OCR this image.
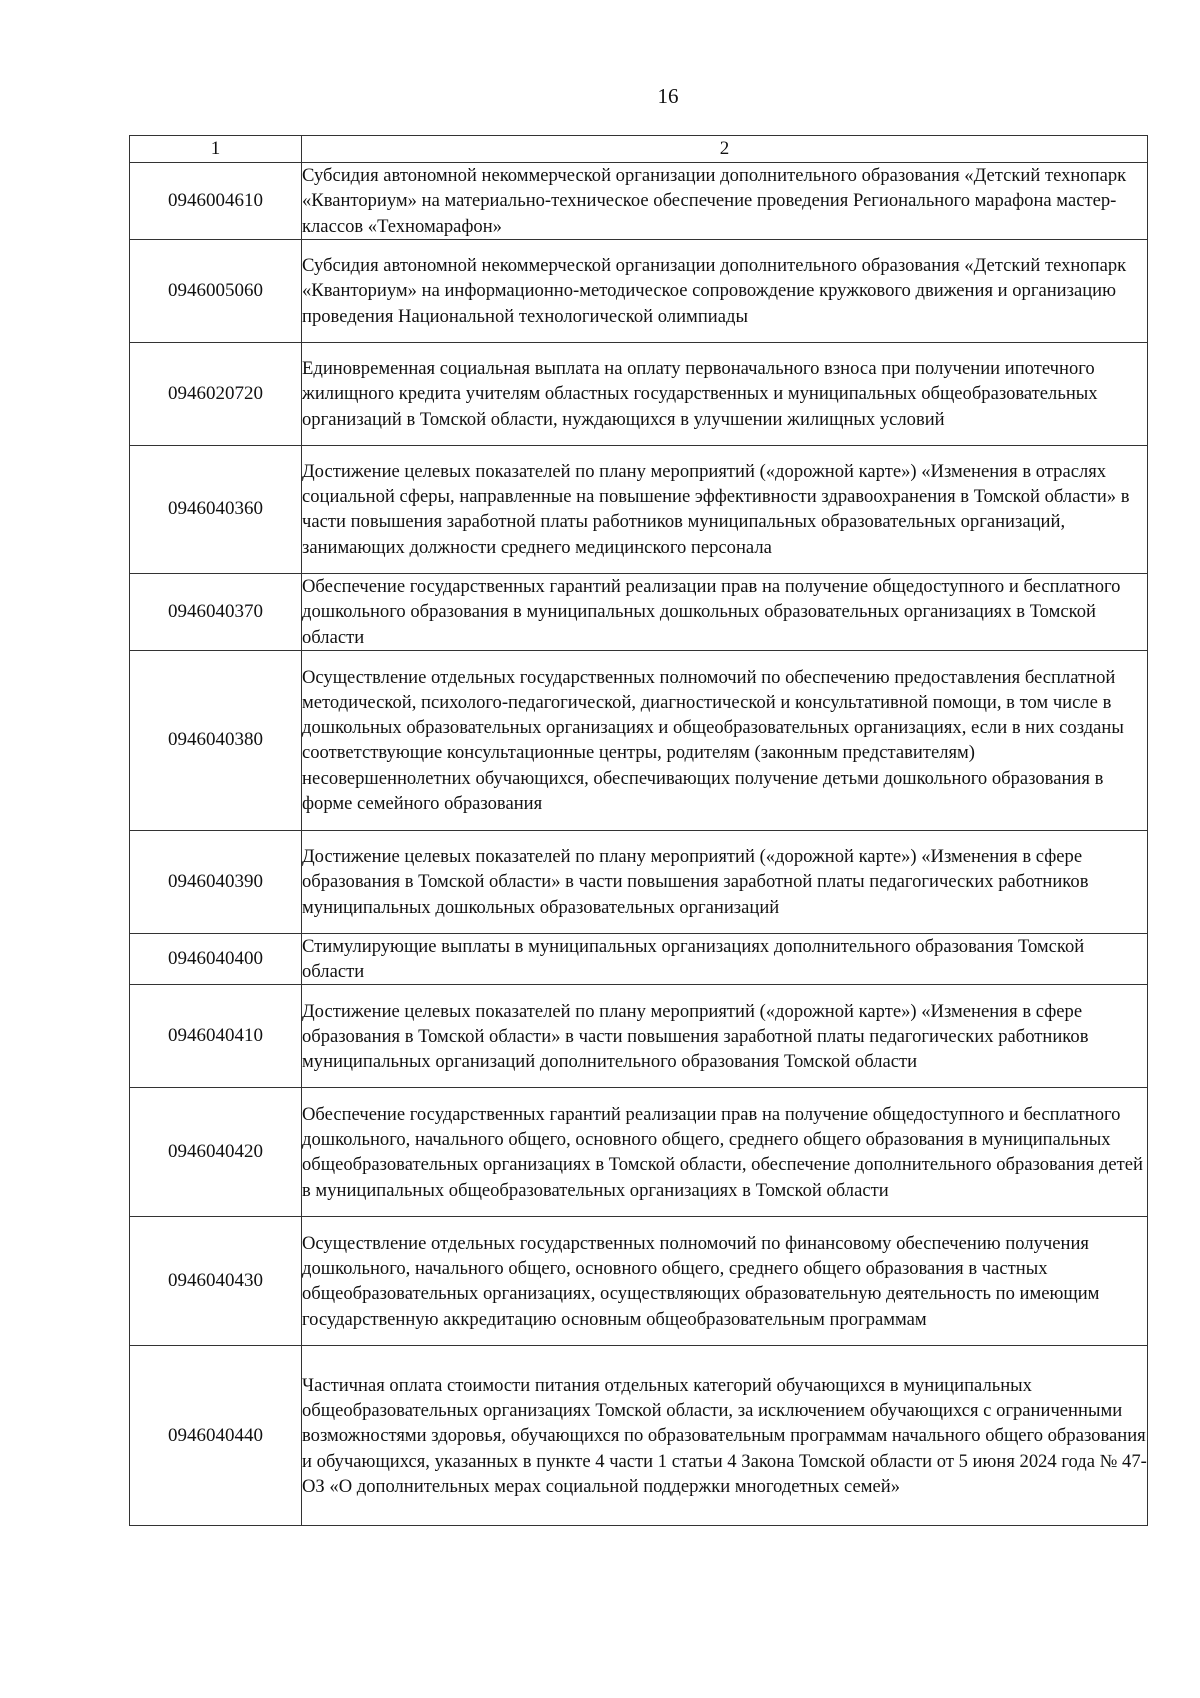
16
1	2
0946004610	Субсидия автономной некоммерческой организации дополнительного образования «Детский технопарк «Кванториум» на материально-техническое обеспечение проведения Регионального марафона мастер-классов «Техномарафон»
0946005060	Субсидия автономной некоммерческой организации дополнительного образования «Детский технопарк «Кванториум» на информационно-методическое сопровождение кружкового движения и организацию проведения Национальной технологической олимпиады
0946020720	Единовременная социальная выплата на оплату первоначального взноса при получении ипотечного жилищного кредита учителям областных государственных и муниципальных общеобразовательных организаций в Томской области, нуждающихся в улучшении жилищных условий
0946040360	Достижение целевых показателей по плану мероприятий («дорожной карте») «Изменения в отраслях социальной сферы, направленные на повышение эффективности здравоохранения в Томской области» в части повышения заработной платы работников муниципальных образовательных организаций, занимающих должности среднего медицинского персонала
0946040370	Обеспечение государственных гарантий реализации прав на получение общедоступного и бесплатного дошкольного образования в муниципальных дошкольных образовательных организациях в Томской области
0946040380	Осуществление отдельных государственных полномочий по обеспечению предоставления бесплатной методической, психолого-педагогической, диагностической и консультативной помощи, в том числе в дошкольных образовательных организациях и общеобразовательных организациях, если в них созданы соответствующие консультационные центры, родителям (законным представителям) несовершеннолетних обучающихся, обеспечивающих получение детьми дошкольного образования в форме семейного образования
0946040390	Достижение целевых показателей по плану мероприятий («дорожной карте») «Изменения в сфере образования в Томской области» в части повышения заработной платы педагогических работников муниципальных дошкольных образовательных организаций
0946040400	Стимулирующие выплаты в муниципальных организациях дополнительного образования Томской области
0946040410	Достижение целевых показателей по плану мероприятий («дорожной карте») «Изменения в сфере образования в Томской области» в части повышения заработной платы педагогических работников муниципальных организаций дополнительного образования Томской области
0946040420	Обеспечение государственных гарантий реализации прав на получение общедоступного и бесплатного дошкольного, начального общего, основного общего, среднего общего образования в муниципальных общеобразовательных организациях в Томской области, обеспечение дополнительного образования детей в муниципальных общеобразовательных организациях в Томской области
0946040430	Осуществление отдельных государственных полномочий по финансовому обеспечению получения дошкольного, начального общего, основного общего, среднего общего образования в частных общеобразовательных организациях, осуществляющих образовательную деятельность по имеющим государственную аккредитацию основным общеобразовательным программам
0946040440	Частичная оплата стоимости питания отдельных категорий обучающихся в муниципальных общеобразовательных организациях Томской области, за исключением обучающихся с ограниченными возможностями здоровья, обучающихся по образовательным программам начального общего образования и обучающихся, указанных в пункте 4 части 1 статьи 4 Закона Томской области от 5 июня 2024 года № 47-ОЗ «О дополнительных мерах социальной поддержки многодетных семей»
